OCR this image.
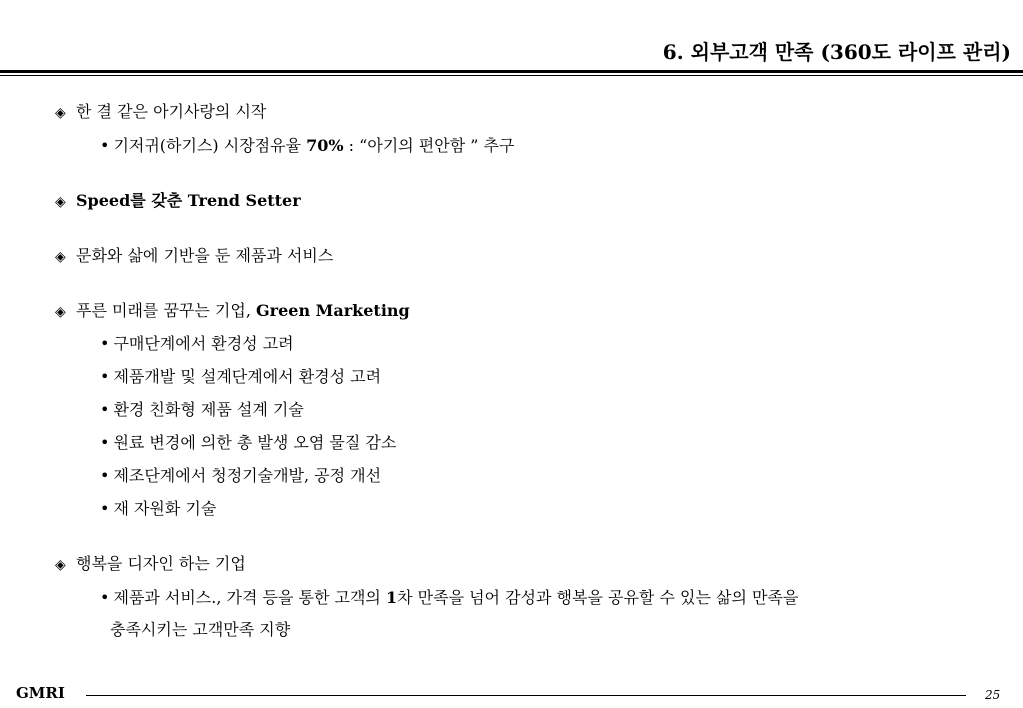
6. 외부고객 만족 (360도 라이프 관리)
◈ 한 결 같은 아기사랑의 시작
• 기저귀(하기스) 시장점유율 70% : “아기의 편안함 ” 추구
◈ Speed를 갖춘 Trend Setter
◈ 문화와 삶에 기반을 둔 제품과 서비스
◈ 푸른 미래를 꿈꾸는 기업, Green Marketing
• 구매단계에서 환경성 고려
• 제품개발 및 설계단계에서 환경성 고려
• 환경 친화형 제품 설계 기술
• 원료 변경에 의한 총 발생 오염 물질 감소
• 제조단계에서 청정기술개발, 공정 개선
• 재 자원화 기술
◈ 행복을 디자인 하는 기업
• 제품과 서비스., 가격 등을 통한 고객의 1차 만족을 넘어 감성과 행복을 공유할 수 있는 삶의 만족을
충족시키는 고객만족 지향
GMRI	25
